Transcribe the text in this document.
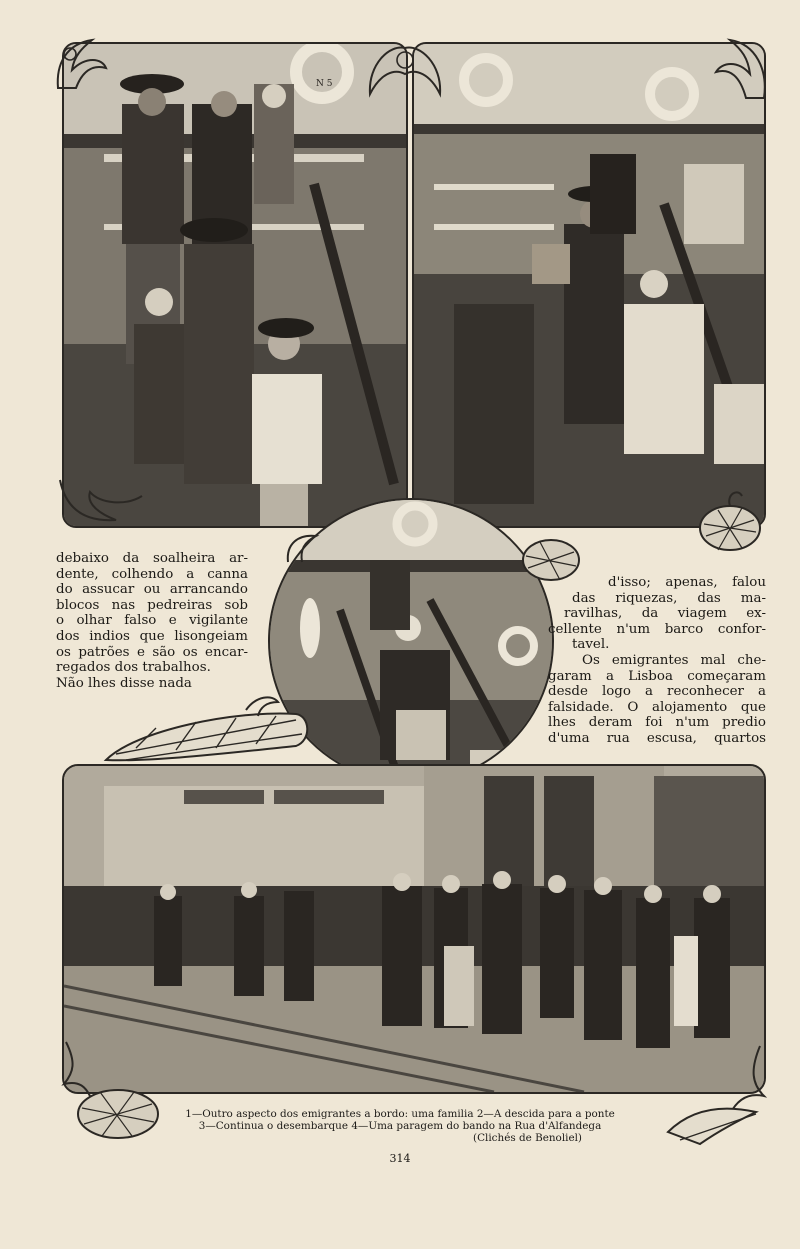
N 5
debaixo da soalheira ar-
dente, colhendo a canna
do assucar ou arrancando
blocos nas pedreiras sob
o olhar falso e vigilante
dos indios que lisongeiam
os patrões e são os encar-
regados dos trabalhos.
Não lhes disse nada
d'isso; apenas, falou
das riquezas, das ma-
ravilhas, da viagem ex-
cellente n'um barco confor-
tavel.
Os emigrantes mal che-
garam a Lisboa começaram
desde logo a reconhecer a
falsidade. O alojamento que
lhes deram foi n'um predio
d'uma rua escusa, quartos
1—Outro aspecto dos emigrantes a bordo: uma familia 2—A descida para a ponte
3—Continua o desembarque 4—Uma paragem do bando na Rua d'Alfandega
(Clichés de Benoliel)
314
